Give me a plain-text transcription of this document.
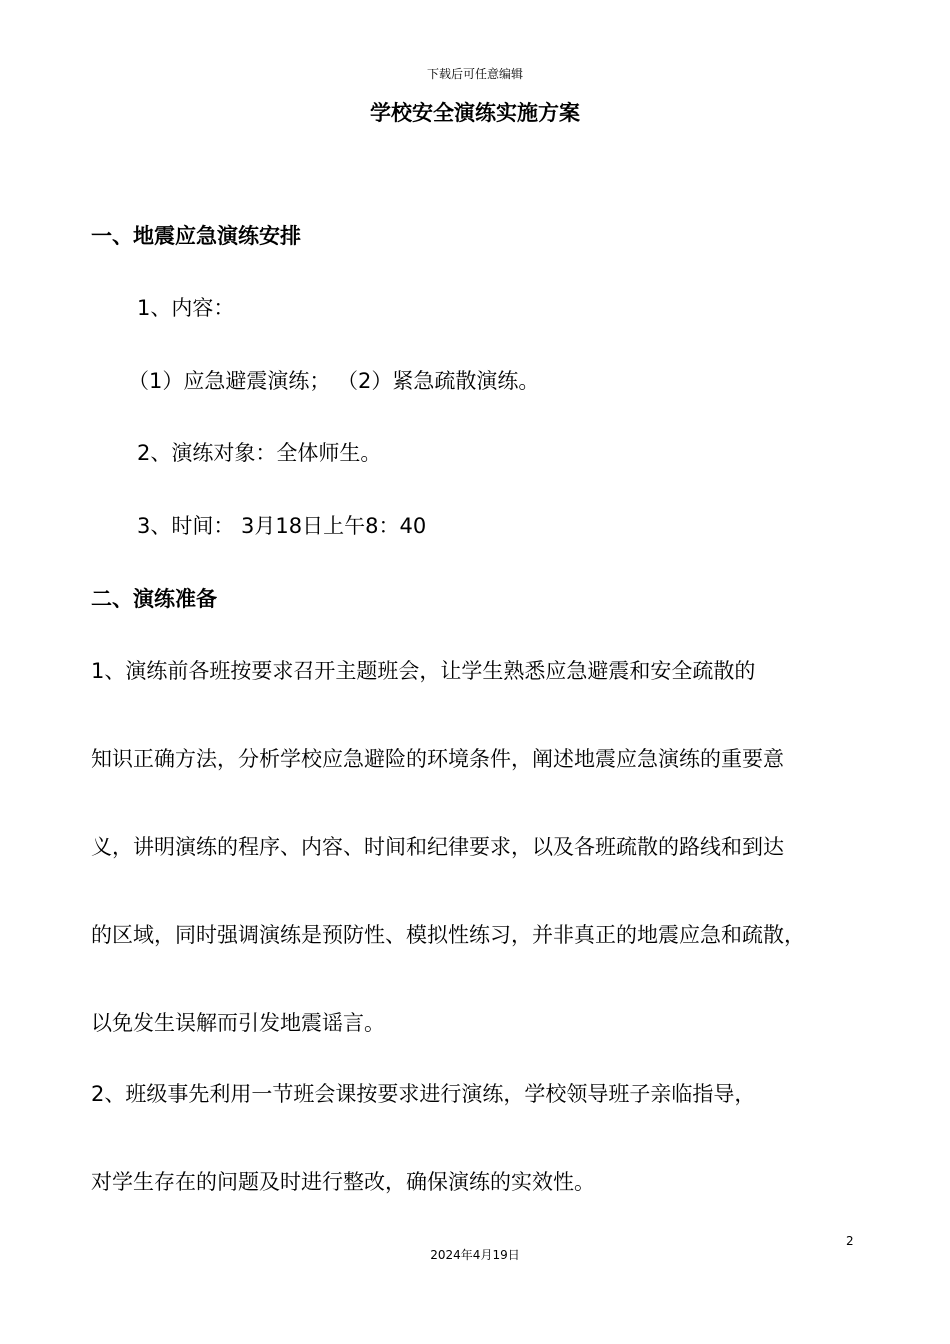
下载后可任意编辑
学校安全演练实施方案
一、地震应急演练安排
1、内容：
（1）应急避震演练； （2）紧急疏散演练。
2、演练对象：全体师生。
3、时间： 3月18日上午8：40
二、演练准备
1、演练前各班按要求召开主题班会，让学生熟悉应急避震和安全疏散的
知识正确方法，分析学校应急避险的环境条件，阐述地震应急演练的重要意
义，讲明演练的程序、内容、时间和纪律要求，以及各班疏散的路线和到达
的区域，同时强调演练是预防性、模拟性练习，并非真正的地震应急和疏散，
以免发生误解而引发地震谣言。
2、班级事先利用一节班会课按要求进行演练，学校领导班子亲临指导，
对学生存在的问题及时进行整改，确保演练的实效性。
2
2024年4月19日
